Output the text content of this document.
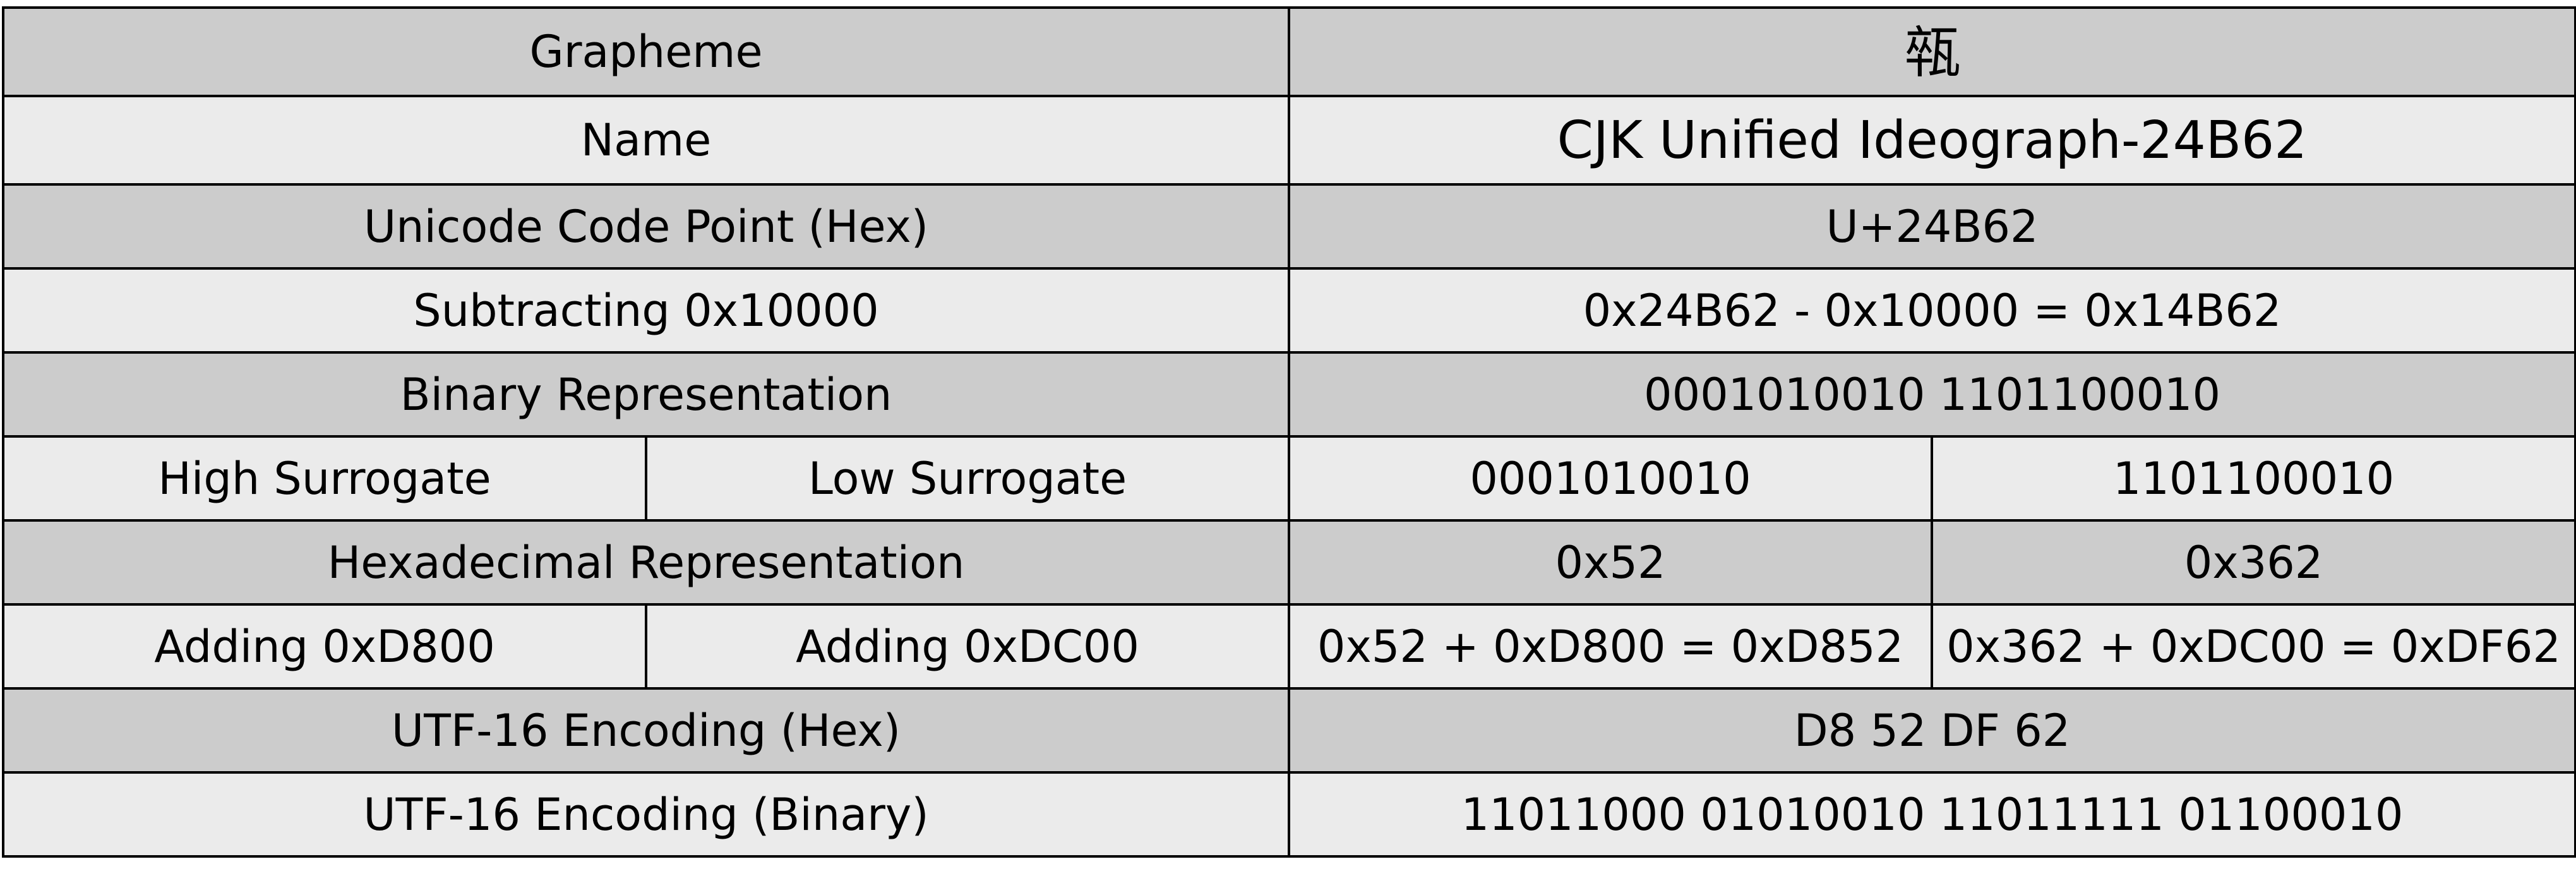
Grapheme		𤭢	
Name		CJK Unified Ideograph-24B62	
Unicode Code Point (Hex)		U+24B62	
Subtracting 0x10000		0x24B62 - 0x10000 = 0x14B62	
Binary Representation		0001010010 1101100010	
High Surrogate	Low Surrogate	0001010010	1101100010
Hexadecimal Representation		0x52	0x362
Adding 0xD800	Adding 0xDC00	0x52 + 0xD800 = 0xD852	0x362 + 0xDC00 = 0xDF62
UTF-16 Encoding (Hex)		D8 52 DF 62	
UTF-16 Encoding (Binary)		11011000 01010010 11011111 01100010	
